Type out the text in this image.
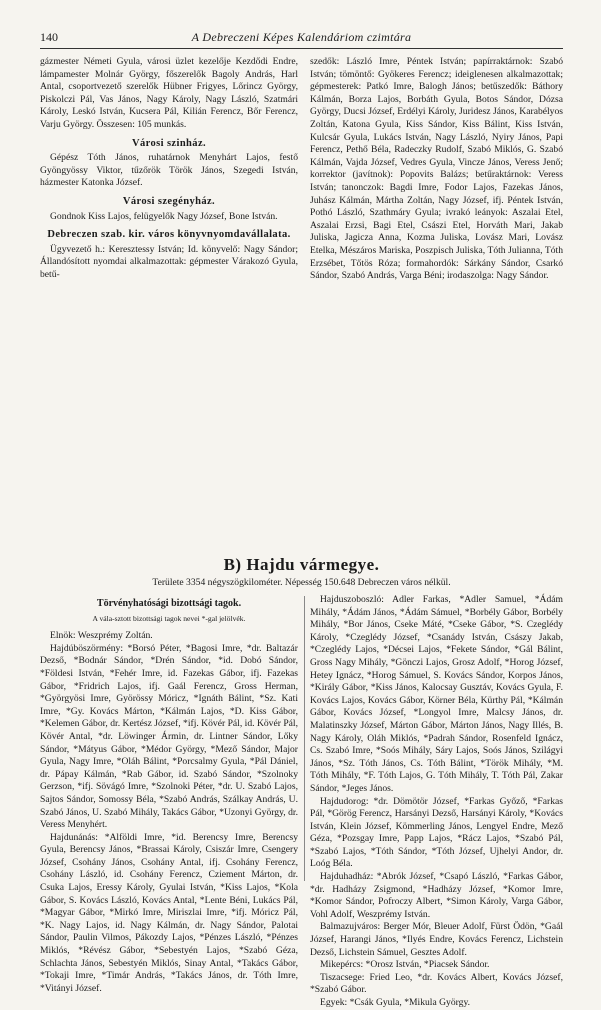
140	A Debreczeni Képes Kalendáriom czimtára

gázmester Németi Gyula, városi üzlet kezelője Kezdődi Endre, lámpamester Molnár György, főszerelők Bagoly András, Harl Antal, csoportvezető szerelők Hübner Frigyes, Lőrincz György, Piskolczi Pál, Vas János, Nagy Károly, Nagy László, Szatmári Károly, Leskó István, Kucsera Pál, Kilián Ferencz, Bőr Ferencz, Varju György. Összesen: 105 munkás.

Városi szinház.

Gépész Tóth János, ruhatárnok Menyhárt Lajos, festő Gyöngyössy Viktor, tűzőrök Török János, Szegedi István, házmester Katonka József.

Városi szegényház.

Gondnok Kiss Lajos, felügyelők Nagy József, Bone István.

Debreczen szab. kir. város könyvnyomdavállalata.

Ügyvezető h.: Keresztessy István; Id. könyvelő: Nagy Sándor; Állandósított nyomdai alkalmazottak: gépmester Várakozó Gyula, betű-

szedők: László Imre, Péntek István; papírraktárnok: Szabó István; tömöntő: Gyökeres Ferencz; ideiglenesen alkalmazottak; gépmesterek: Patkó Imre, Balogh János; betűszedők: Báthory Kálmán, Borza Lajos, Borbáth Gyula, Botos Sándor, Dózsa György, Ducsi József, Erdélyi Károly, Juridesz János, Karabélyos Zoltán, Katona Gyula, Kiss Sándor, Kiss Bálint, Kiss István, Kulcsár Gyula, Lukács István, Nagy László, Nyiry János, Papi Ferencz, Pethő Béla, Radeczky Rudolf, Szabó Miklós, G. Szabó Kálmán, Vajda József, Vedres Gyula, Vincze János, Veress Jenő; korrektor (javítnok): Popovits Balázs; betűraktárnok: Veress István; tanonczok: Bagdi Imre, Fodor Lajos, Fazekas János, Juhász Kálmán, Mártha Zoltán, Nagy József, ifj. Péntek István, Pothó László, Szathmáry Gyula; ivrakó leányok: Aszalai Etel, Aszalai Erzsi, Bagi Etel, Császi Etel, Horváth Mari, Jakab Juliska, Jagicza Anna, Kozma Juliska, Lovász Mari, Lovász Etelka, Mészáros Mariska, Poszpisch Juliska, Tóth Julianna, Tóth Erzsébet, Tőtös Róza; formahordók: Sárkány Sándor, Csarkó Sándor, Szabó András, Varga Béni; irodaszolga: Nagy Sándor.

B) Hajdu vármegye.
Területe 3354 négyszögkilométer. Népesség 150.648 Debreczen város nélkül.
Törvényhatósági bizottsági tagok.
A vála-sztott bizottsági tagok nevei *-gal jelölvék.

Elnök: Weszprémy Zoltán.

Hajdúböszörmény: *Borsó Péter, *Bagosi Imre, *dr. Baltazár Dezső, *Bodnár Sándor, *Drén Sándor, *id. Dobó Sándor, *Földesi István, *Fehér Imre, id. Fazekas Gábor, ifj. Fazekas Gábor, *Fridrich Lajos, ifj. Gaál Ferencz, Gross Herman, *Györgyösi Imre, Györössy Móricz, *Ignáth Bálint, *Sz. Kati Imre, *Gy. Kovács Márton, *Kálmán Lajos, *D. Kiss Gábor, *Kelemen Gábor, dr. Kertész József, *ifj. Kövér Pál, id. Kövér Pál, Kövér Antal, *dr. Löwinger Ármin, dr. Lintner Sándor, Lőky Sándor, *Mátyus Gábor, *Médor György, *Mező Sándor, Major Gyula, Nagy Imre, *Oláh Bálint, *Porcsalmy Gyula, *Pál Dániel, dr. Pápay Kálmán, *Rab Gábor, id. Szabó Sándor, *Szolnoky Gerzson, *ifj. Sövágó Imre, *Szolnoki Péter, *dr. U. Szabó Lajos, Sajtos Sándor, Somossy Béla, *Szabó András, Szálkay András, U. Szabó János, U. Szabó Mihály, Takács Gábor, *Uzonyi György, dr. Veress Menyhért.

Hajdunánás: *Alföldi Imre, *id. Berencsy Imre, Berencsy Gyula, Berencsy János, *Brassai Károly, Csiszár Imre, Csengery József, Csohány János, Csohány Antal, ifj. Csohány Ferencz, Csohány László, id. Csohány Ferencz, Cziement Márton, dr. Csuka Lajos, Eressy Károly, Gyulai István, *Kiss Lajos, *Kola Gábor, S. Kovács László, Kovács Antal, *Lente Béni, Lukács Pál, *Magyar Gábor, *Mirkó Imre, Miriszlai Imre, *ifj. Móricz Pál, *K. Nagy Lajos, id. Nagy Kálmán, dr. Nagy Sándor, Palotai Sándor, Paulin Vilmos, Pákozdy Lajos, *Pénzes László, *Pénzes Miklós, *Révész Gábor, *Sebestyén Lajos, *Szabó Géza, Schlachta János, Sebestyén Miklós, Sinay Antal, *Takács Gábor, *Tokaji Imre, *Timár András, *Takács János, dr. Tóth Imre, *Vitányi József.

Hajduszoboszló: Adler Farkas, *Adler Samuel, *Ádám Mihály, *Ádám János, *Ádám Sámuel, *Borbély Gábor, Borbély Mihály, *Bor János, Cseke Máté, *Cseke Gábor, *S. Czeglédy Károly, *Czeglédy József, *Csanády István, Császy Jakab, *Czeglédy Lajos, *Décsei Lajos, *Fekete Sándor, *Gál Bálint, Gross Nagy Mihály, *Gönczi Lajos, Grosz Adolf, *Horog József, Hetey Ignácz, *Horog Sámuel, S. Kovács Sándor, Korpos János, *Király Gábor, *Kiss János, Kalocsay Gusztáv, Kovács Gyula, F. Kovács Lajos, Kovács Gábor, Körner Béla, Kürthy Pál, *Kálmán Gábor, Kovács József, *Longyol Imre, Malcsy János, dr. Malatinszky József, Márton Gábor, Márton János, Nagy Illés, B. Nagy Károly, Oláh Miklós, *Padrah Sándor, Rosenfeld Ignácz, Cs. Szabó Imre, *Soós Mihály, Sáry Lajos, Soós János, Szilágyi János, *Sz. Tóth János, Cs. Tóth Bálint, *Török Mihály, *M. Tóth Mihály, *F. Tóth Lajos, G. Tóth Mihály, T. Tóth Pál, Zakar Sándor, *Jeges János.

Hajdudorog: *dr. Dömötör József, *Farkas Győző, *Farkas Pál, *Görög Ferencz, Harsányi Dezső, Harsányi Károly, *Kovács István, Klein József, Kömmerling János, Lengyel Endre, Mező Géza, *Pozsgay Imre, Papp Lajos, *Rácz Lajos, *Szabó Pál, *Szabó Lajos, *Tóth Sándor, *Tóth József, Ujhelyi Andor, dr. Loóg Béla.

Hajduhadház: *Abrók József, *Csapó László, *Farkas Gábor, *dr. Hadházy Zsigmond, *Hadházy József, *Komor Imre, *Komor Sándor, Pofroczy Albert, *Simon Károly, Varga Gábor, Vohl Adolf, Weszprémy István.

Balmazujváros: Berger Mór, Bleuer Adolf, Fürst Ödön, *Gaál József, Harangi János, *Ilyés Endre, Kovács Ferencz, Lichstein Dezső, Lichstein Sámuel, Gesztes Adolf.

Mikepércs: *Orosz István, *Piacsek Sándor.

Tiszacsege: Fried Leo, *dr. Kovács Albert, Kovács József, *Szabó Gábor.

Egyek: *Csák Gyula, *Mikula György.
